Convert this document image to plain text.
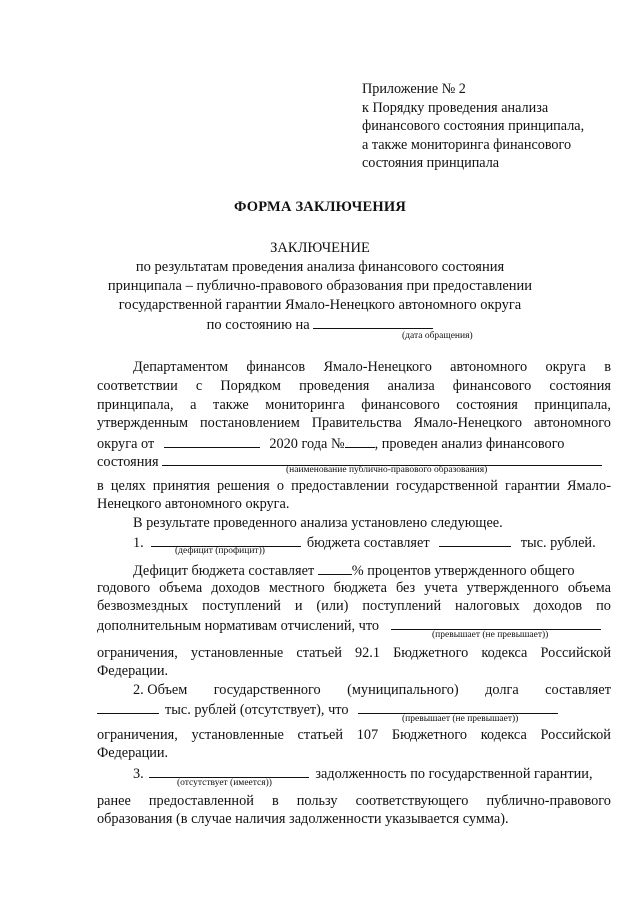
Приложение № 2
к Порядку проведения анализа
финансового состояния принципала,
а также мониторинга финансового
состояния принципала
ФОРМА ЗАКЛЮЧЕНИЯ
ЗАКЛЮЧЕНИЕ
по результатам проведения анализа финансового состояния
принципала – публично-правового образования при предоставлении
государственной гарантии Ямало-Ненецкого автономного округа
по состоянию на
(дата обращения)
Департаментом финансов Ямало-Ненецкого автономного округа в
соответствии с Порядком проведения анализа финансового состояния
принципала, а также мониторинга финансового состояния принципала,
утвержденным постановлением Правительства Ямало-Ненецкого автономного
округа от	2020 года № , проведен анализ финансового
состояния	(наименование публично-правового образования)
в целях принятия решения о предоставлении государственной гарантии Ямало-
Ненецкого автономного округа.
В результате проведенного анализа установлено следующее.
1.	бюджета составляет	тыс. рублей.
(дефицит (профицит))
Дефицит бюджета составляет	% процентов утвержденного общего
годового объема доходов местного бюджета без учета утвержденного объема
безвозмездных поступлений и (или) поступлений налоговых доходов по
дополнительным нормативам отчислений, что
(превышает (не превышает))
ограничения, установленные статьей 92.1 Бюджетного кодекса Российской
Федерации.
2. Объем государственного (муниципального) долга составляет
тыс. рублей (отсутствует), что
(превышает (не превышает))
ограничения, установленные статьей 107 Бюджетного кодекса Российской
Федерации.
3.	задолженность по государственной гарантии,
(отсутствует (имеется))
ранее предоставленной в пользу соответствующего публично-правового
образования (в случае наличия задолженности указывается сумма).
